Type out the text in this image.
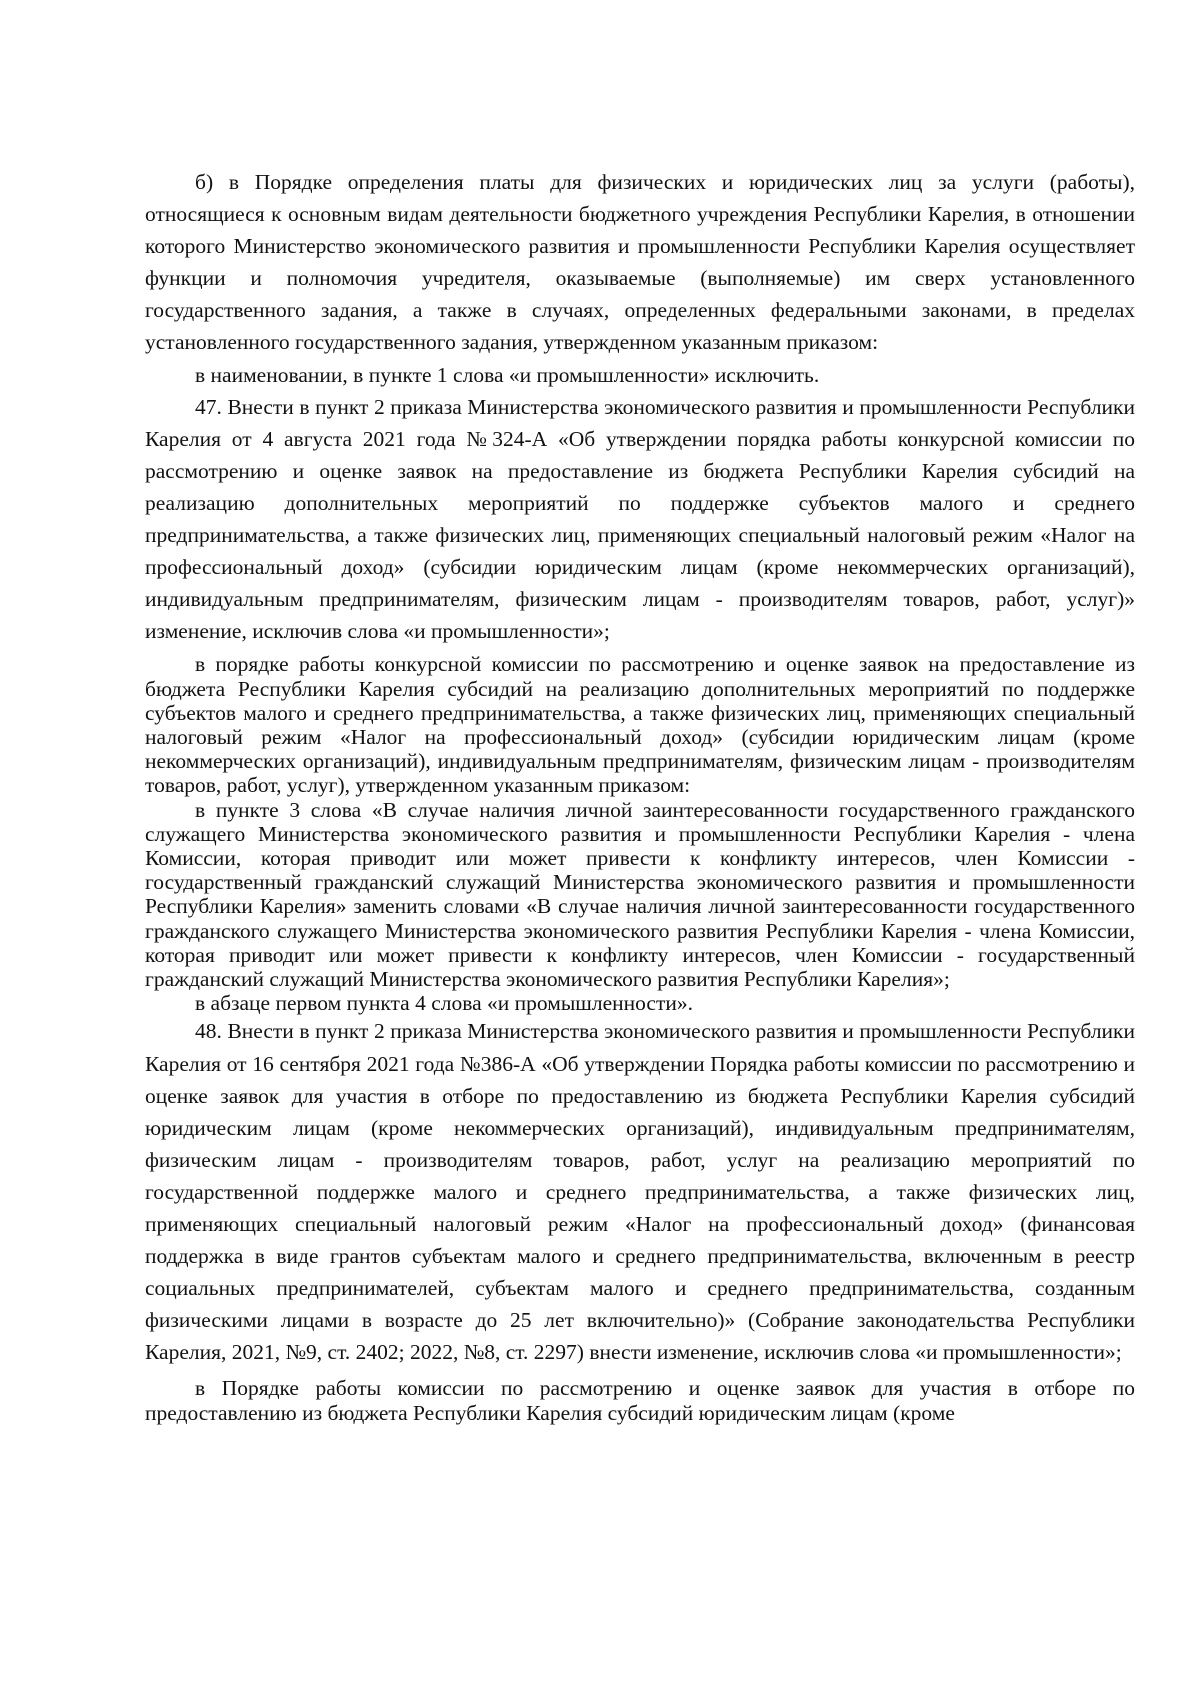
б) в Порядке определения платы для физических и юридических лиц за услуги (работы), относящиеся к основным видам деятельности бюджетного учреждения Республики Карелия, в отношении которого Министерство экономического развития и промышленности Республики Карелия осуществляет функции и полномочия учредителя, оказываемые (выполняемые) им сверх установленного государственного задания, а также в случаях, определенных федеральными законами, в пределах установленного государственного задания, утвержденном указанным приказом:

в наименовании, в пункте 1 слова «и промышленности» исключить.

47. Внести в пункт 2 приказа Министерства экономического развития и промышленности Республики Карелия от 4 августа 2021 года №324-А «Об утверждении порядка работы конкурсной комиссии по рассмотрению и оценке заявок на предоставление из бюджета Республики Карелия субсидий на реализацию дополнительных мероприятий по поддержке субъектов малого и среднего предпринимательства, а также физических лиц, применяющих специальный налоговый режим «Налог на профессиональный доход» (субсидии юридическим лицам (кроме некоммерческих организаций), индивидуальным предпринимателям, физическим лицам - производителям товаров, работ, услуг)» изменение, исключив слова «и промышленности»;

в порядке работы конкурсной комиссии по рассмотрению и оценке заявок на предоставление из бюджета Республики Карелия субсидий на реализацию дополнительных мероприятий по поддержке субъектов малого и среднего предпринимательства, а также физических лиц, применяющих специальный налоговый режим «Налог на профессиональный доход» (субсидии юридическим лицам (кроме некоммерческих организаций), индивидуальным предпринимателям, физическим лицам - производителям товаров, работ, услуг), утвержденном указанным приказом:

в пункте 3 слова «В случае наличия личной заинтересованности государственного гражданского служащего Министерства экономического развития и промышленности Республики Карелия - члена Комиссии, которая приводит или может привести к конфликту интересов, член Комиссии - государственный гражданский служащий Министерства экономического развития и промышленности Республики Карелия» заменить словами «В случае наличия личной заинтересованности государственного гражданского служащего Министерства экономического развития Республики Карелия - члена Комиссии, которая приводит или может привести к конфликту интересов, член Комиссии - государственный гражданский служащий Министерства экономического развития Республики Карелия»;

в абзаце первом пункта 4 слова «и промышленности».

48. Внести в пункт 2 приказа Министерства экономического развития и промышленности Республики Карелия от 16 сентября 2021 года №386-А «Об утверждении Порядка работы комиссии по рассмотрению и оценке заявок для участия в отборе по предоставлению из бюджета Республики Карелия субсидий юридическим лицам (кроме некоммерческих организаций), индивидуальным предпринимателям, физическим лицам - производителям товаров, работ, услуг на реализацию мероприятий по государственной поддержке малого и среднего предпринимательства, а также физических лиц, применяющих специальный налоговый режим «Налог на профессиональный доход» (финансовая поддержка в виде грантов субъектам малого и среднего предпринимательства, включенным в реестр социальных предпринимателей, субъектам малого и среднего предпринимательства, созданным физическими лицами в возрасте до 25 лет включительно)» (Собрание законодательства Республики Карелия, 2021, №9, ст. 2402; 2022, №8, ст. 2297) внести изменение, исключив слова «и промышленности»;

в Порядке работы комиссии по рассмотрению и оценке заявок для участия в отборе по предоставлению из бюджета Республики Карелия субсидий юридическим лицам (кроме
